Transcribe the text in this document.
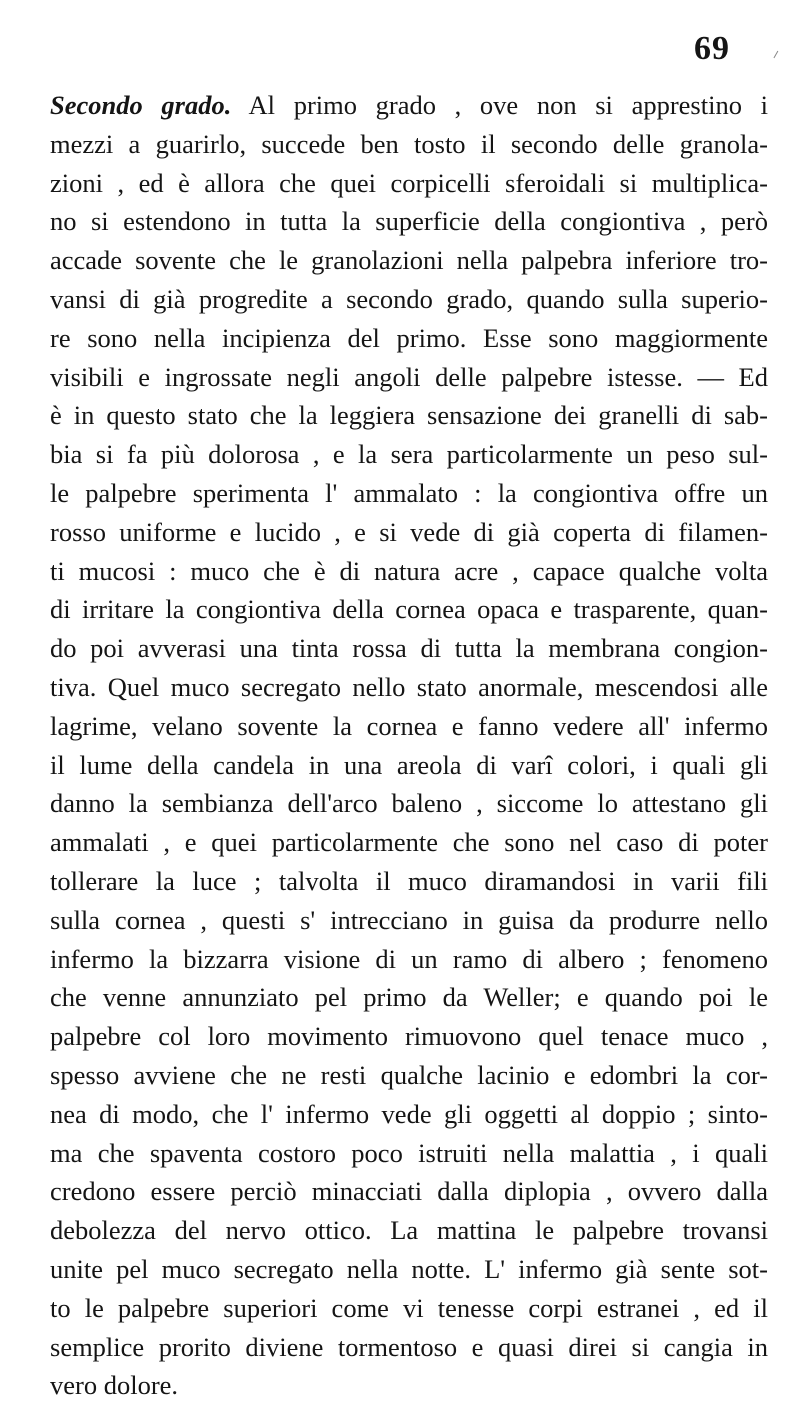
69
Secondo grado. Al primo grado , ove non si apprestino i
mezzi a guarirlo, succede ben tosto il secondo delle granola-
zioni , ed è allora che quei corpicelli sferoidali si multiplica-
no si estendono in tutta la superficie della congiontiva , però
accade sovente che le granolazioni nella palpebra inferiore tro-
vansi di già progredite a secondo grado, quando sulla superio-
re sono nella incipienza del primo. Esse sono maggiormente
visibili e ingrossate negli angoli delle palpebre istesse. — Ed
è in questo stato che la leggiera sensazione dei granelli di sab-
bia si fa più dolorosa , e la sera particolarmente un peso sul-
le palpebre sperimenta l' ammalato : la congiontiva offre un
rosso uniforme e lucido , e si vede di già coperta di filamen-
ti mucosi : muco che è di natura acre , capace qualche volta
di irritare la congiontiva della cornea opaca e trasparente, quan-
do poi avverasi una tinta rossa di tutta la membrana congion-
tiva. Quel muco secregato nello stato anormale, mescendosi alle
lagrime, velano sovente la cornea e fanno vedere all' infermo
il lume della candela in una areola di varî colori, i quali gli
danno la sembianza dell'arco baleno , siccome lo attestano gli
ammalati , e quei particolarmente che sono nel caso di poter
tollerare la luce ; talvolta il muco diramandosi in varii fili
sulla cornea , questi s' intrecciano in guisa da produrre nello
infermo la bizzarra visione di un ramo di albero ; fenomeno
che venne annunziato pel primo da Weller; e quando poi le
palpebre col loro movimento rimuovono quel tenace muco ,
spesso avviene che ne resti qualche lacinio e edombri la cor-
nea di modo, che l' infermo vede gli oggetti al doppio ; sinto-
ma che spaventa costoro poco istruiti nella malattia , i quali
credono essere perciò minacciati dalla diplopia , ovvero dalla
debolezza del nervo ottico. La mattina le palpebre trovansi
unite pel muco secregato nella notte. L' infermo già sente sot-
to le palpebre superiori come vi tenesse corpi estranei , ed il
semplice prorito diviene tormentoso e quasi direi si cangia in
vero dolore.
